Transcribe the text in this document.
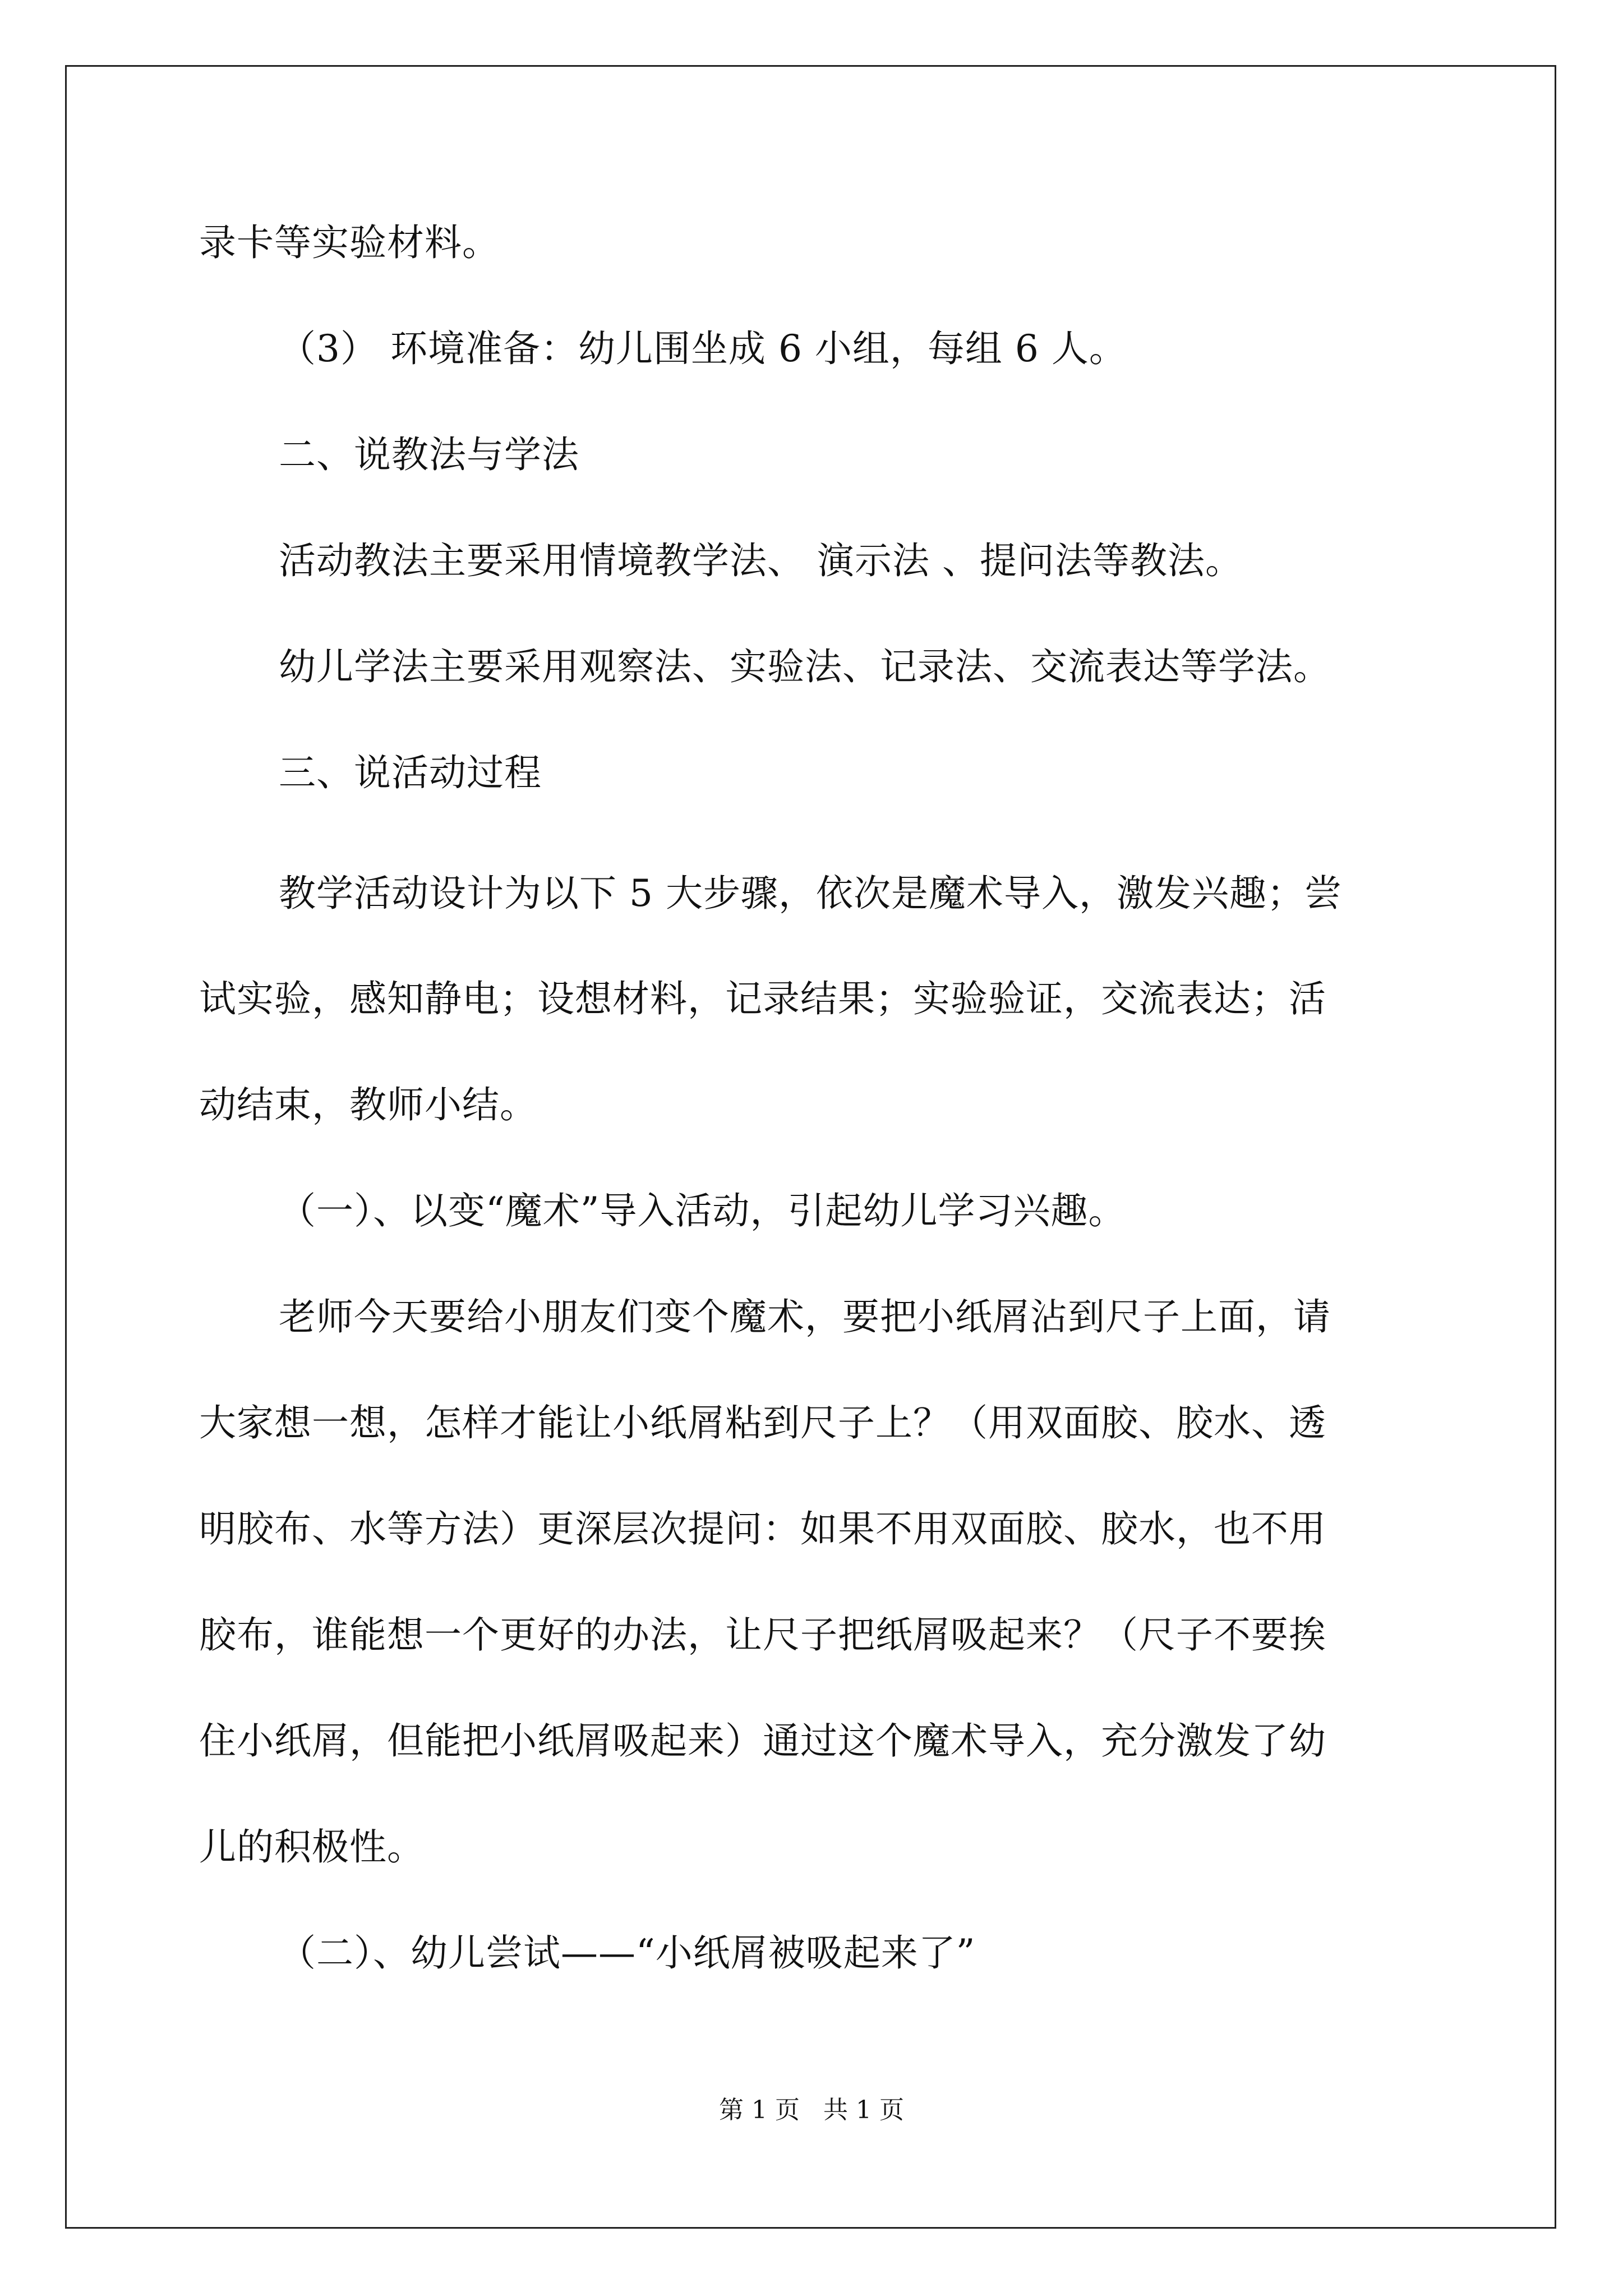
录卡等实验材料。
（3） 环境准备：幼儿围坐成 6 小组，每组 6 人。
二、说教法与学法
活动教法主要采用情境教学法、 演示法 、提问法等教法。
幼儿学法主要采用观察法、实验法、记录法、交流表达等学法。
三、说活动过程
教学活动设计为以下 5 大步骤，依次是魔术导入，激发兴趣；尝
试实验，感知静电；设想材料，记录结果；实验验证，交流表达；活
动结束，教师小结。
（一）、以变“魔术”导入活动，引起幼儿学习兴趣。
老师今天要给小朋友们变个魔术，要把小纸屑沾到尺子上面，请
大家想一想，怎样才能让小纸屑粘到尺子上？（用双面胶、胶水、透
明胶布、水等方法）更深层次提问：如果不用双面胶、胶水，也不用
胶布，谁能想一个更好的办法，让尺子把纸屑吸起来？（尺子不要挨
住小纸屑，但能把小纸屑吸起来）通过这个魔术导入，充分激发了幼
儿的积极性。
（二）、幼儿尝试——“小纸屑被吸起来了”
第 1 页   共 1 页
